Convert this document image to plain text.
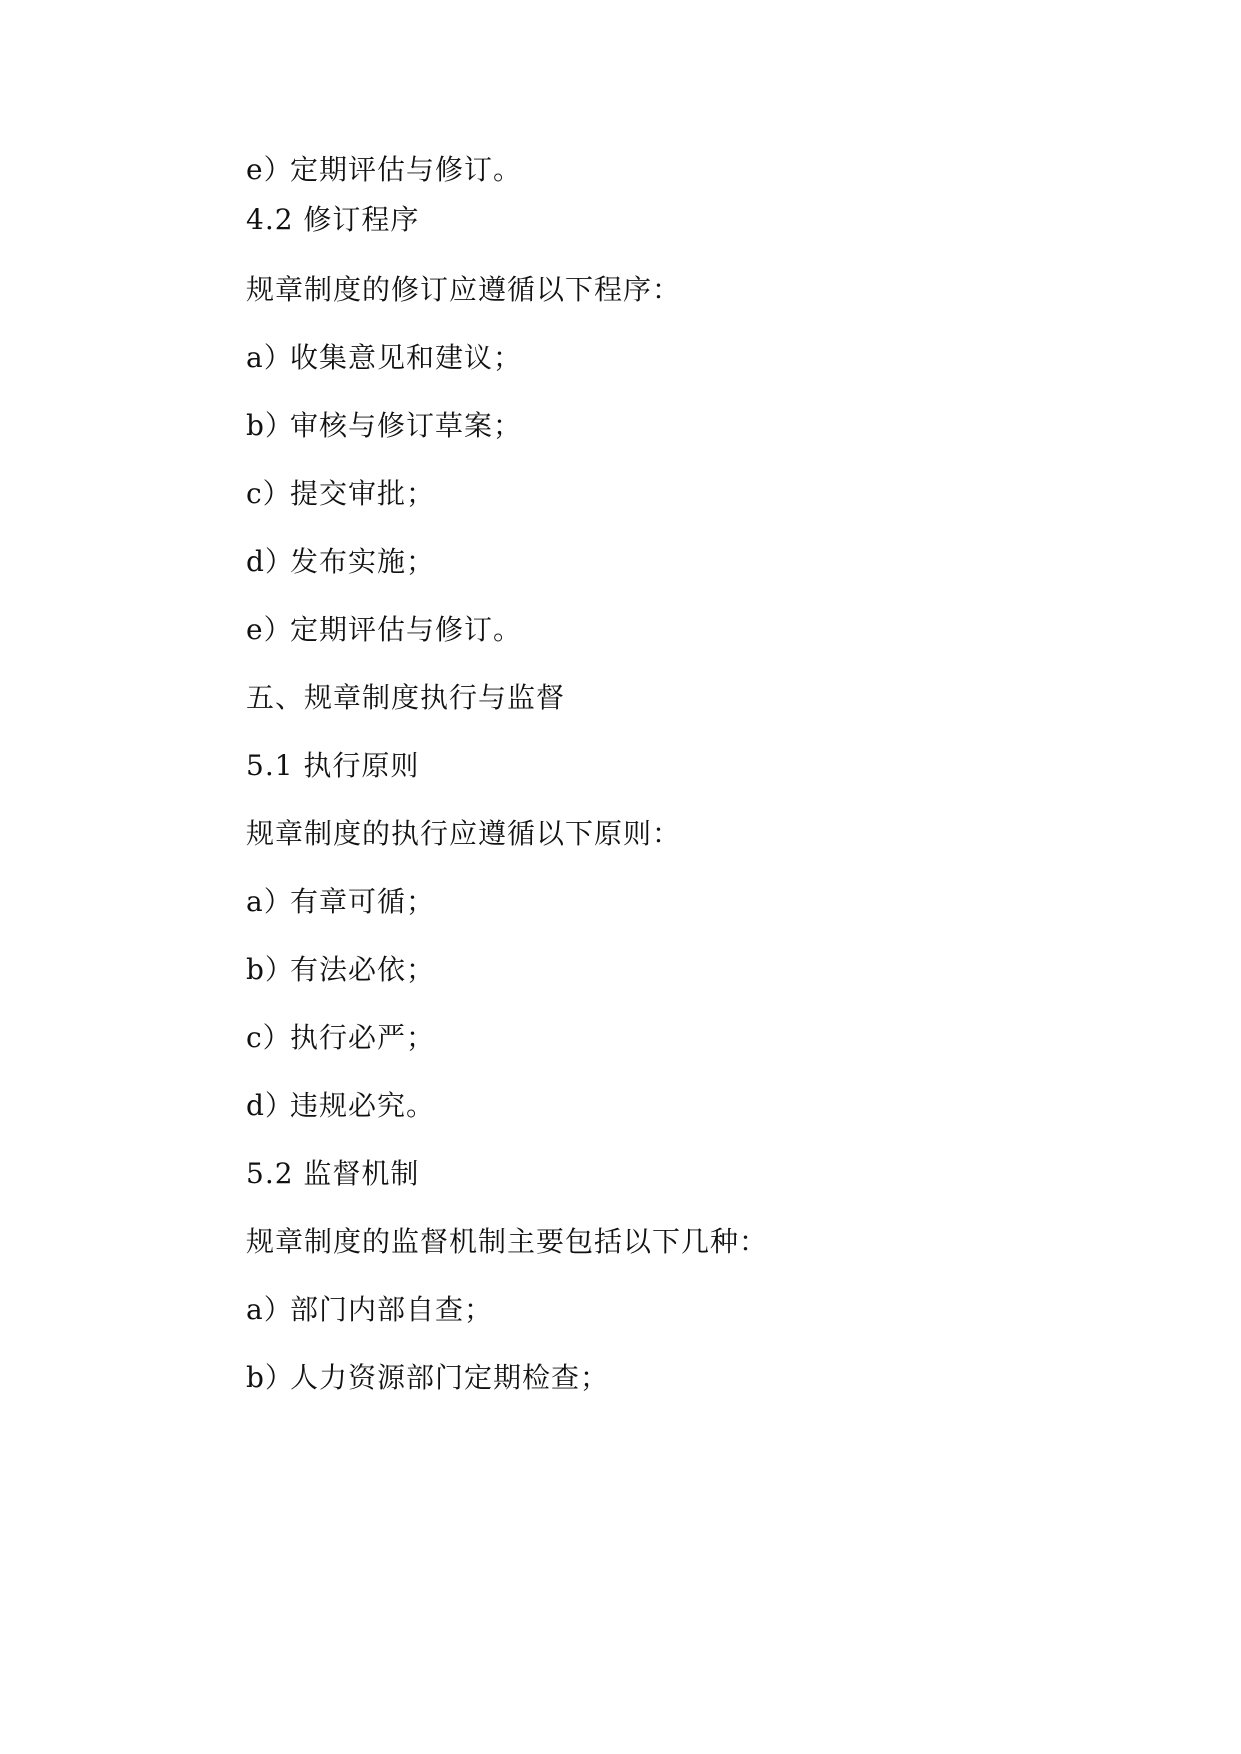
e）定期评估与修订。
4.2 修订程序
规章制度的修订应遵循以下程序：
a）收集意见和建议；
b）审核与修订草案；
c）提交审批；
d）发布实施；
e）定期评估与修订。
五、规章制度执行与监督
5.1 执行原则
规章制度的执行应遵循以下原则：
a）有章可循；
b）有法必依；
c）执行必严；
d）违规必究。
5.2 监督机制
规章制度的监督机制主要包括以下几种：
a）部门内部自查；
b）人力资源部门定期检查；
